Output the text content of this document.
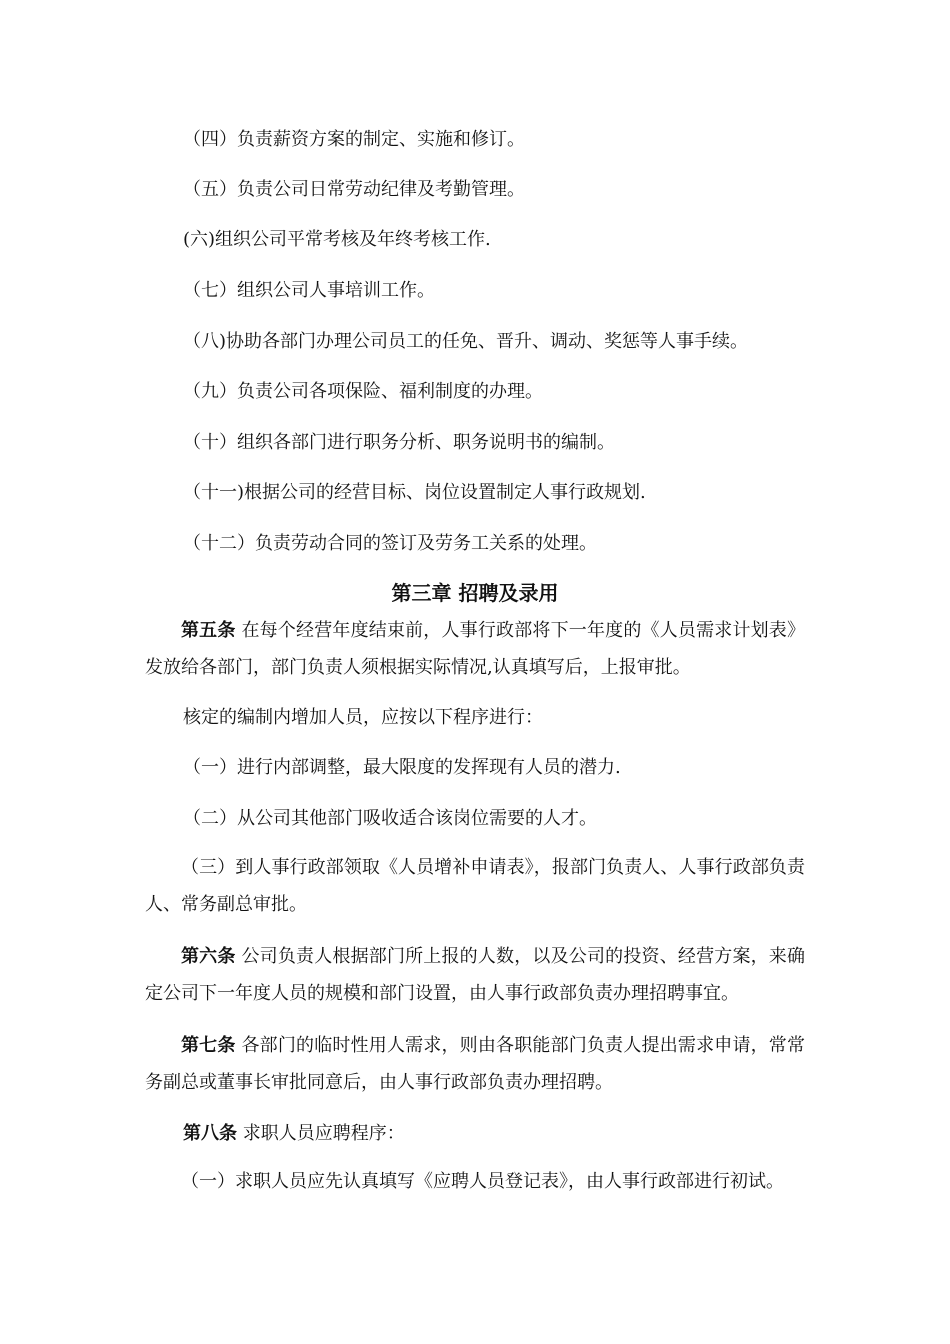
（四）负责薪资方案的制定、实施和修订。
（五）负责公司日常劳动纪律及考勤管理。
(六)组织公司平常考核及年终考核工作.
（七）组织公司人事培训工作。
（八)协助各部门办理公司员工的任免、晋升、调动、奖惩等人事手续。
（九）负责公司各项保险、福利制度的办理。
（十）组织各部门进行职务分析、职务说明书的编制。
（十一)根据公司的经营目标、岗位设置制定人事行政规划.
（十二）负责劳动合同的签订及劳务工关系的处理。
第三章 招聘及录用
第五条 在每个经营年度结束前，人事行政部将下一年度的《人员需求计划表》发放给各部门，部门负责人须根据实际情况,认真填写后，上报审批。
核定的编制内增加人员，应按以下程序进行：
（一）进行内部调整，最大限度的发挥现有人员的潜力.
（二）从公司其他部门吸收适合该岗位需要的人才。
（三）到人事行政部领取《人员增补申请表》，报部门负责人、人事行政部负责人、常务副总审批。
第六条 公司负责人根据部门所上报的人数，以及公司的投资、经营方案，来确定公司下一年度人员的规模和部门设置，由人事行政部负责办理招聘事宜。
第七条 各部门的临时性用人需求，则由各职能部门负责人提出需求申请，常常务副总或董事长审批同意后，由人事行政部负责办理招聘。
第八条 求职人员应聘程序：
（一）求职人员应先认真填写《应聘人员登记表》，由人事行政部进行初试。
